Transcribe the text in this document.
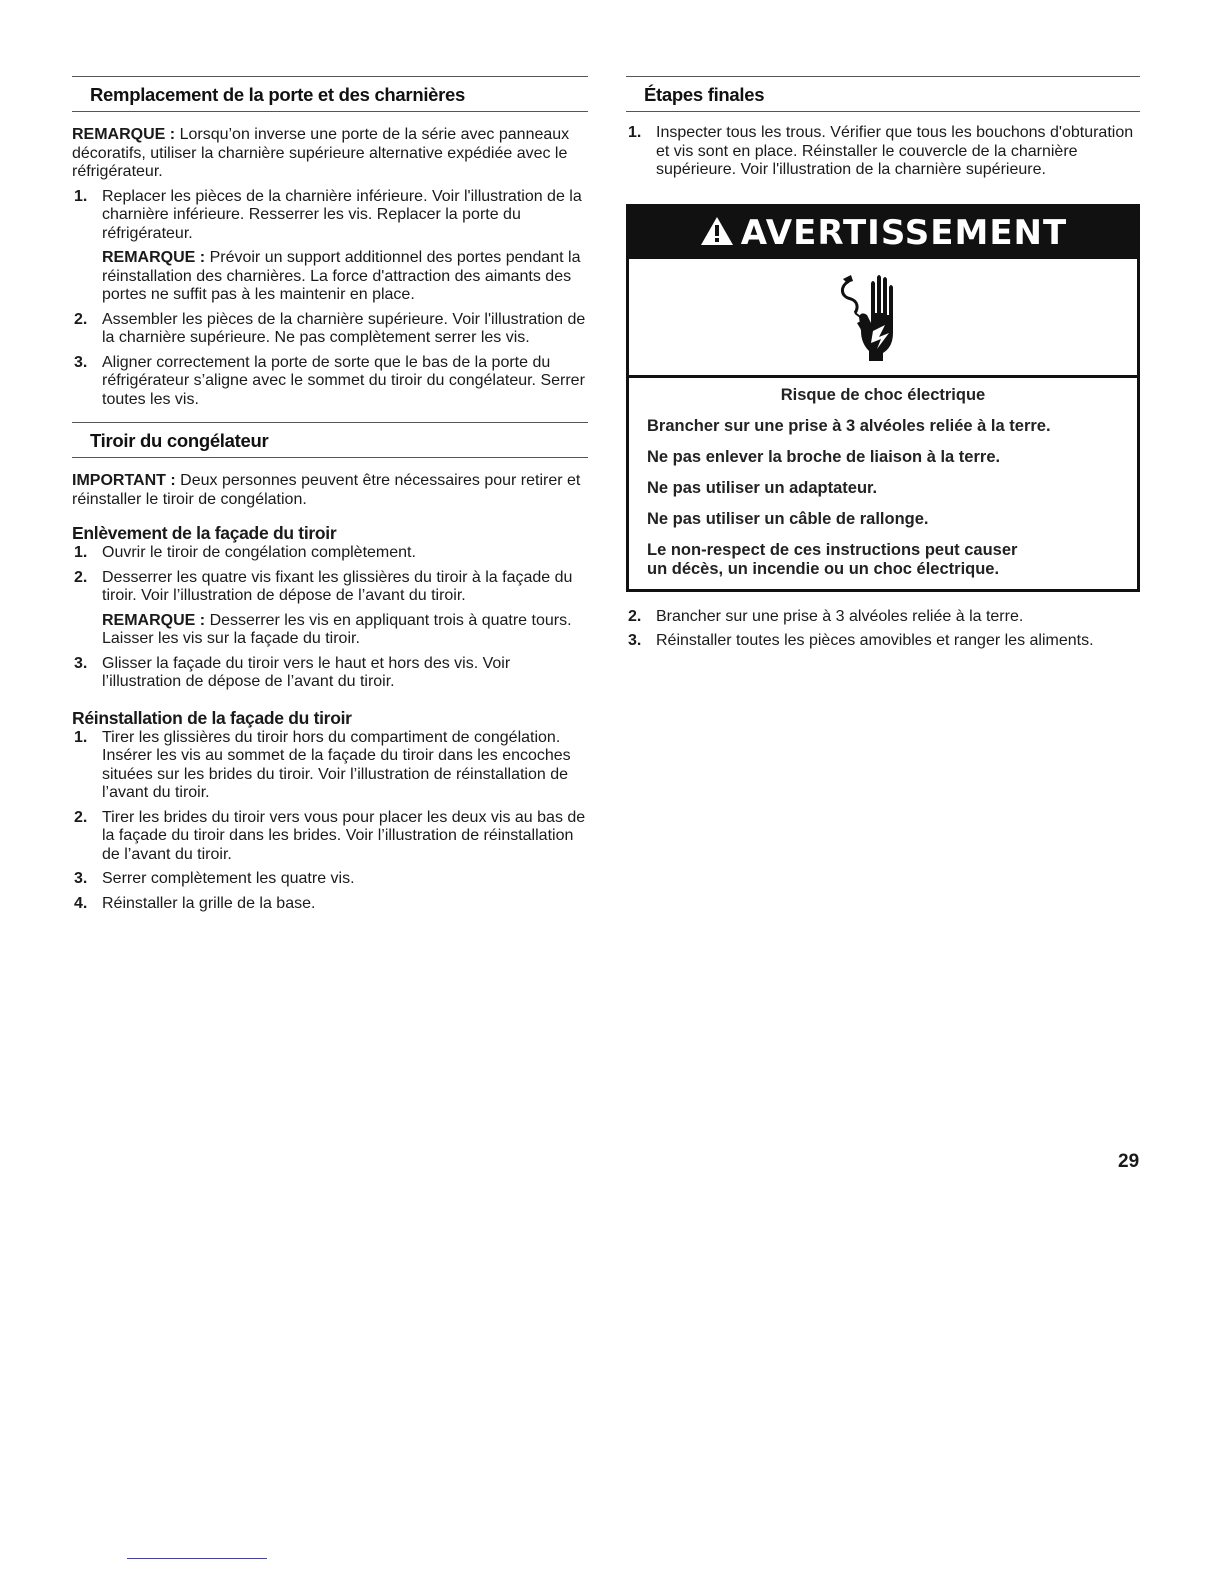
Remplacement de la porte et des charnières

REMARQUE : Lorsqu’on inverse une porte de la série avec panneaux décoratifs, utiliser la charnière supérieure alternative expédiée avec le réfrigérateur.

1. Replacer les pièces de la charnière inférieure. Voir l'illustration de la charnière inférieure. Resserrer les vis. Replacer la porte du réfrigérateur.
REMARQUE : Prévoir un support additionnel des portes pendant la réinstallation des charnières. La force d'attraction des aimants des portes ne suffit pas à les maintenir en place.
2. Assembler les pièces de la charnière supérieure. Voir l'illustration de la charnière supérieure. Ne pas complètement serrer les vis.
3. Aligner correctement la porte de sorte que le bas de la porte du réfrigérateur s’aligne avec le sommet du tiroir du congélateur. Serrer toutes les vis.
Tiroir du congélateur

IMPORTANT : Deux personnes peuvent être nécessaires pour retirer et réinstaller le tiroir de congélation.

Enlèvement de la façade du tiroir

1. Ouvrir le tiroir de congélation complètement.
2. Desserrer les quatre vis fixant les glissières du tiroir à la façade du tiroir. Voir l’illustration de dépose de l’avant du tiroir.
REMARQUE : Desserrer les vis en appliquant trois à quatre tours. Laisser les vis sur la façade du tiroir.
3. Glisser la façade du tiroir vers le haut et hors des vis. Voir l’illustration de dépose de l’avant du tiroir.

Réinstallation de la façade du tiroir

1. Tirer les glissières du tiroir hors du compartiment de congélation. Insérer les vis au sommet de la façade du tiroir dans les encoches situées sur les brides du tiroir. Voir l’illustration de réinstallation de l’avant du tiroir.
2. Tirer les brides du tiroir vers vous pour placer les deux vis au bas de la façade du tiroir dans les brides. Voir l’illustration de réinstallation de l’avant du tiroir.
3. Serrer complètement les quatre vis.
4. Réinstaller la grille de la base.
Étapes finales
1. Inspecter tous les trous. Vérifier que tous les bouchons d'obturation et vis sont en place. Réinstaller le couvercle de la charnière supérieure. Voir l'illustration de la charnière supérieure.
AVERTISSEMENT

Risque de choc électrique

Brancher sur une prise à 3 alvéoles reliée à la terre.

Ne pas enlever la broche de liaison à la terre.

Ne pas utiliser un adaptateur.

Ne pas utiliser un câble de rallonge.

Le non-respect de ces instructions peut causer
un décès, un incendie ou un choc électrique.

2. Brancher sur une prise à 3 alvéoles reliée à la terre.
3. Réinstaller toutes les pièces amovibles et ranger les aliments.
29
